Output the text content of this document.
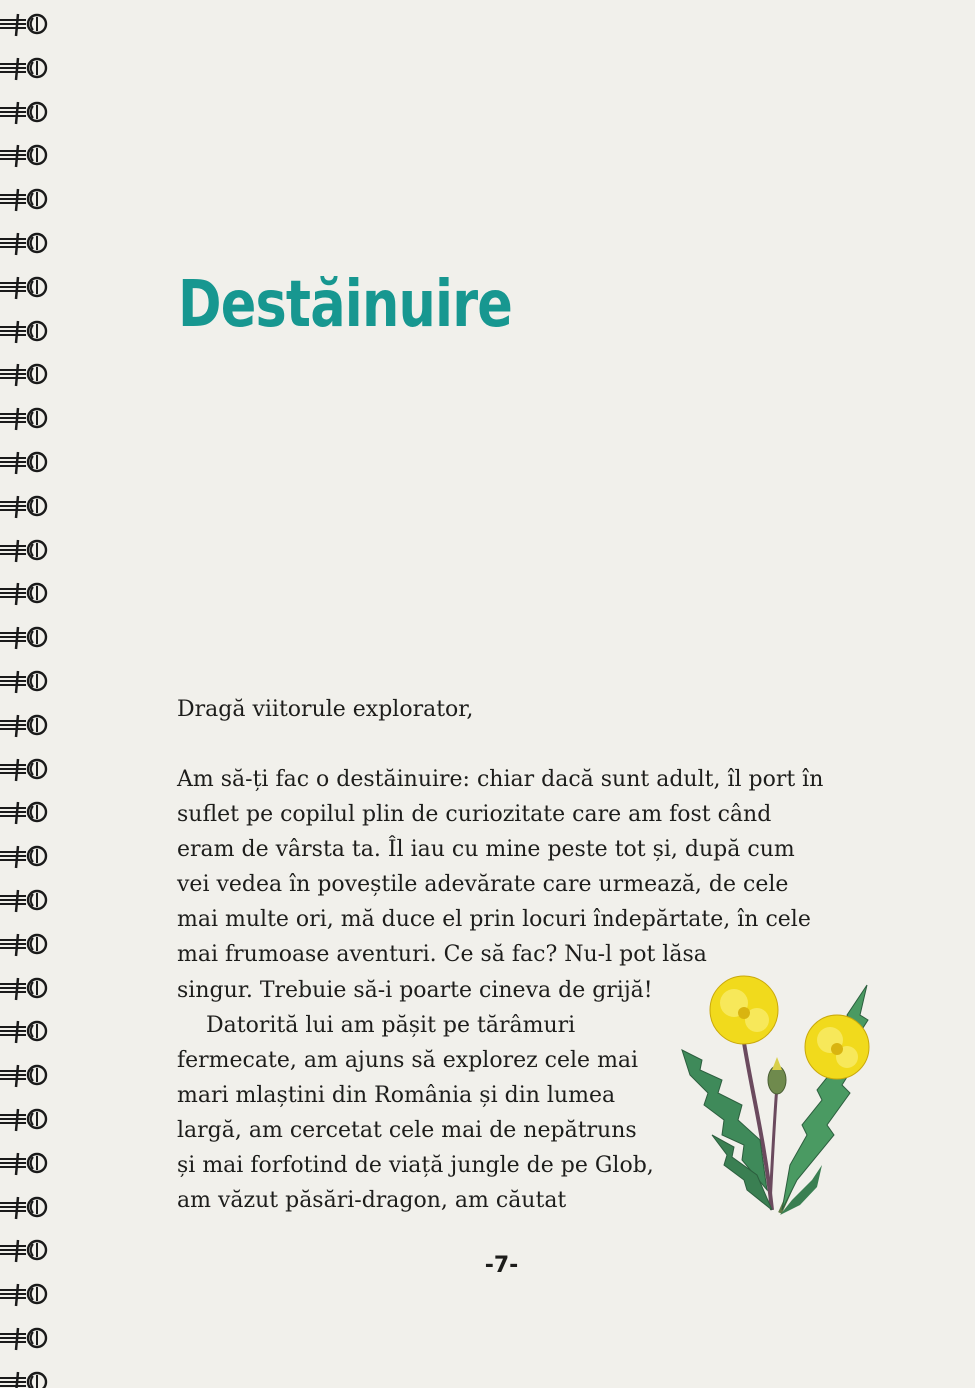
Destăinuire

Dragă viitorule explorator,

Am să-ți fac o destăinuire: chiar dacă sunt adult, îl port în
suflet pe copilul plin de curiozitate care am fost când
eram de vârsta ta. Îl iau cu mine peste tot și, după cum
vei vedea în poveștile adevărate care urmează, de cele
mai multe ori, mă duce el prin locuri îndepărtate, în cele
mai frumoase aventuri. Ce să fac? Nu-l pot lăsa
singur. Trebuie să-i poarte cineva de grijă!
Datorită lui am pășit pe tărâmuri
fermecate, am ajuns să explorez cele mai
mari mlaștini din România și din lumea
largă, am cercetat cele mai de nepătruns
și mai forfotind de viață jungle de pe Glob,
am văzut păsări-dragon, am căutat
-7-
